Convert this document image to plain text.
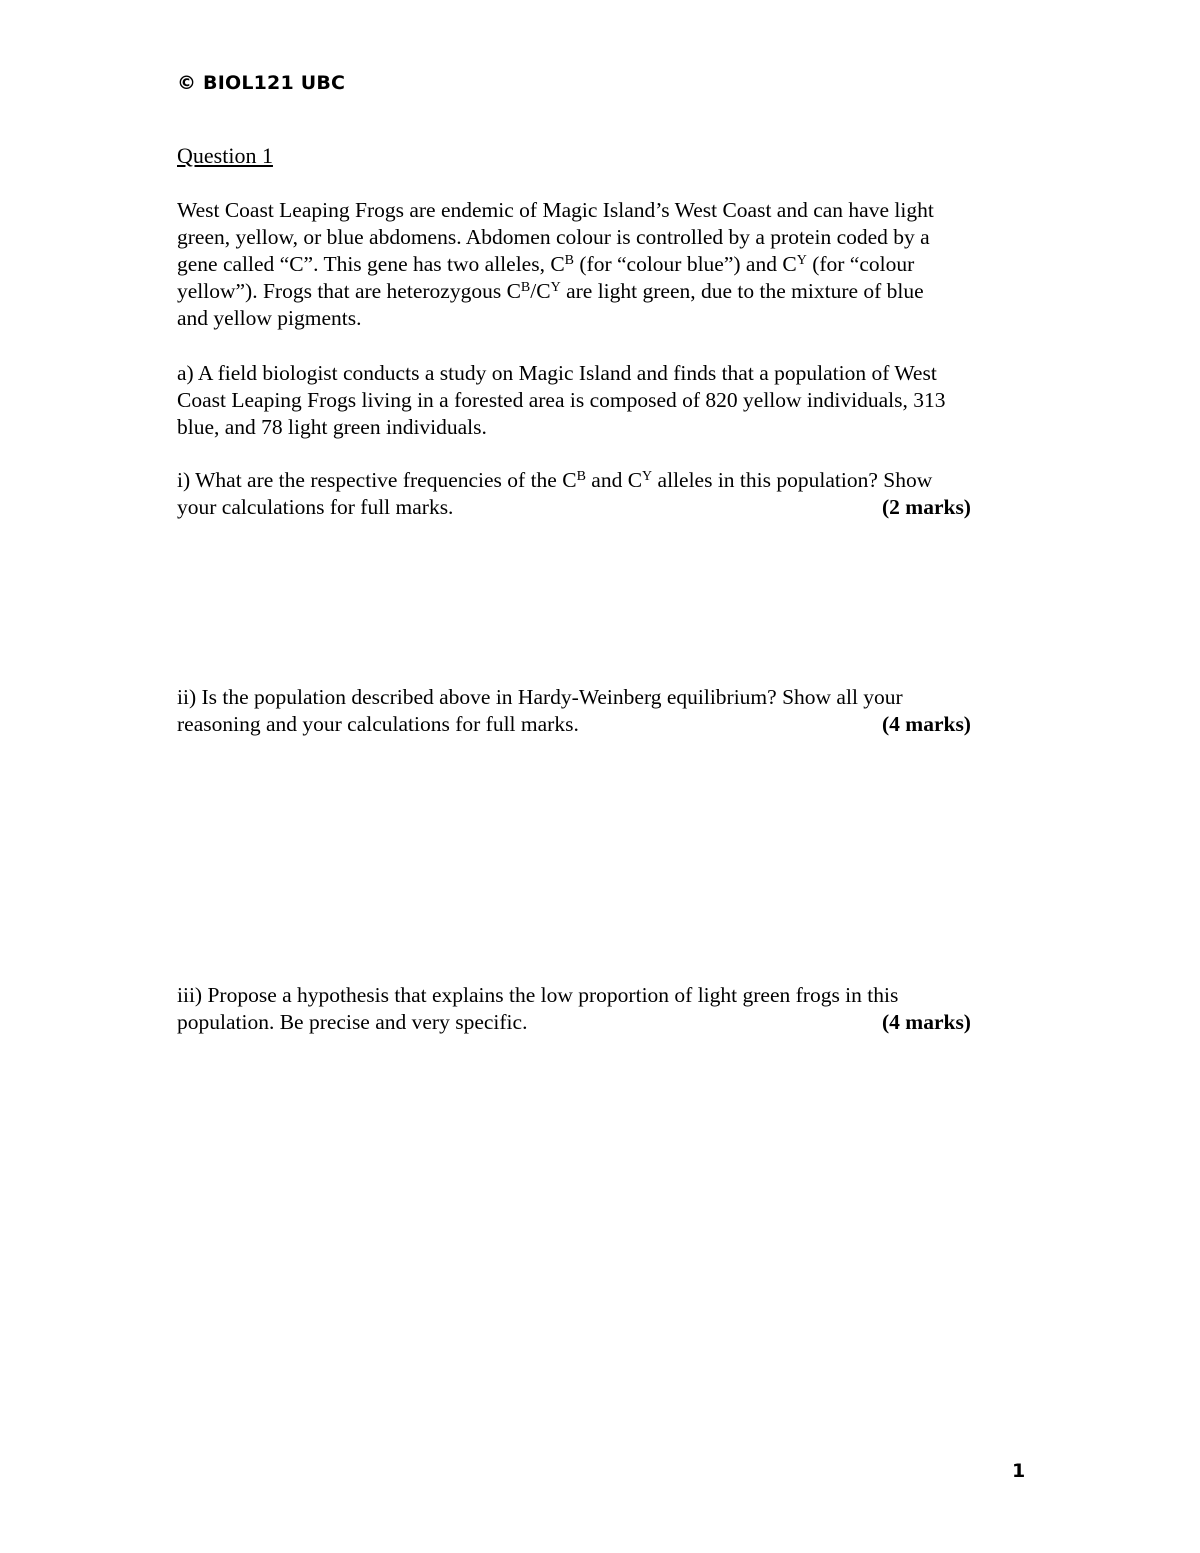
© BIOL121 UBC
Question 1
West Coast Leaping Frogs are endemic of Magic Island’s West Coast and can have light
green, yellow, or blue abdomens. Abdomen colour is controlled by a protein coded by a
gene called “C”. This gene has two alleles, $C^B$ (for “colour blue”) and $C^Y$ (for “colour
yellow”). Frogs that are heterozygous $C^B/C^Y$ are light green, due to the mixture of blue
and yellow pigments.
a) A field biologist conducts a study on Magic Island and finds that a population of West
Coast Leaping Frogs living in a forested area is composed of 820 yellow individuals, 313
blue, and 78 light green individuals.
i) What are the respective frequencies of the $C^B$ and $C^Y$ alleles in this population? Show
your calculations for full marks.	(2 marks)
ii) Is the population described above in Hardy-Weinberg equilibrium? Show all your
reasoning and your calculations for full marks.	(4 marks)
iii) Propose a hypothesis that explains the low proportion of light green frogs in this
population. Be precise and very specific.	(4 marks)
1
